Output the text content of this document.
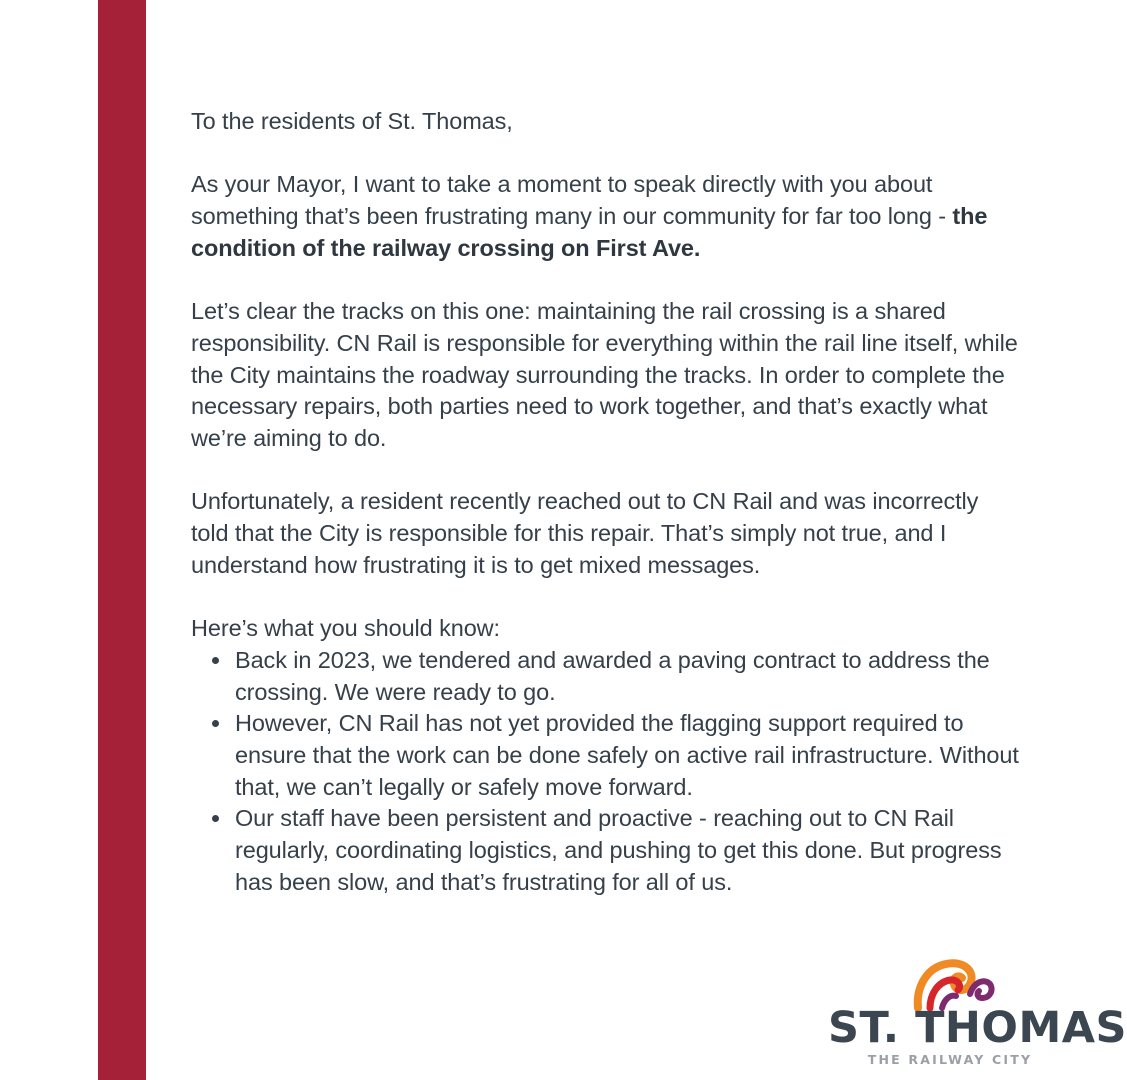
To the residents of St. Thomas,

As your Mayor, I want to take a moment to speak directly with you about something that’s been frustrating many in our community for far too long - the condition of the railway crossing on First Ave.

Let’s clear the tracks on this one: maintaining the rail crossing is a shared responsibility. CN Rail is responsible for everything within the rail line itself, while the City maintains the roadway surrounding the tracks. In order to complete the necessary repairs, both parties need to work together, and that’s exactly what we’re aiming to do.

Unfortunately, a resident recently reached out to CN Rail and was incorrectly told that the City is responsible for this repair. That’s simply not true, and I understand how frustrating it is to get mixed messages.

Here’s what you should know:

Back in 2023, we tendered and awarded a paving contract to address the crossing. We were ready to go.
However, CN Rail has not yet provided the flagging support required to ensure that the work can be done safely on active rail infrastructure. Without that, we can’t legally or safely move forward.
Our staff have been persistent and proactive - reaching out to CN Rail regularly, coordinating logistics, and pushing to get this done. But progress has been slow, and that’s frustrating for all of us.
ST. THOMAS
THE RAILWAY CITY
